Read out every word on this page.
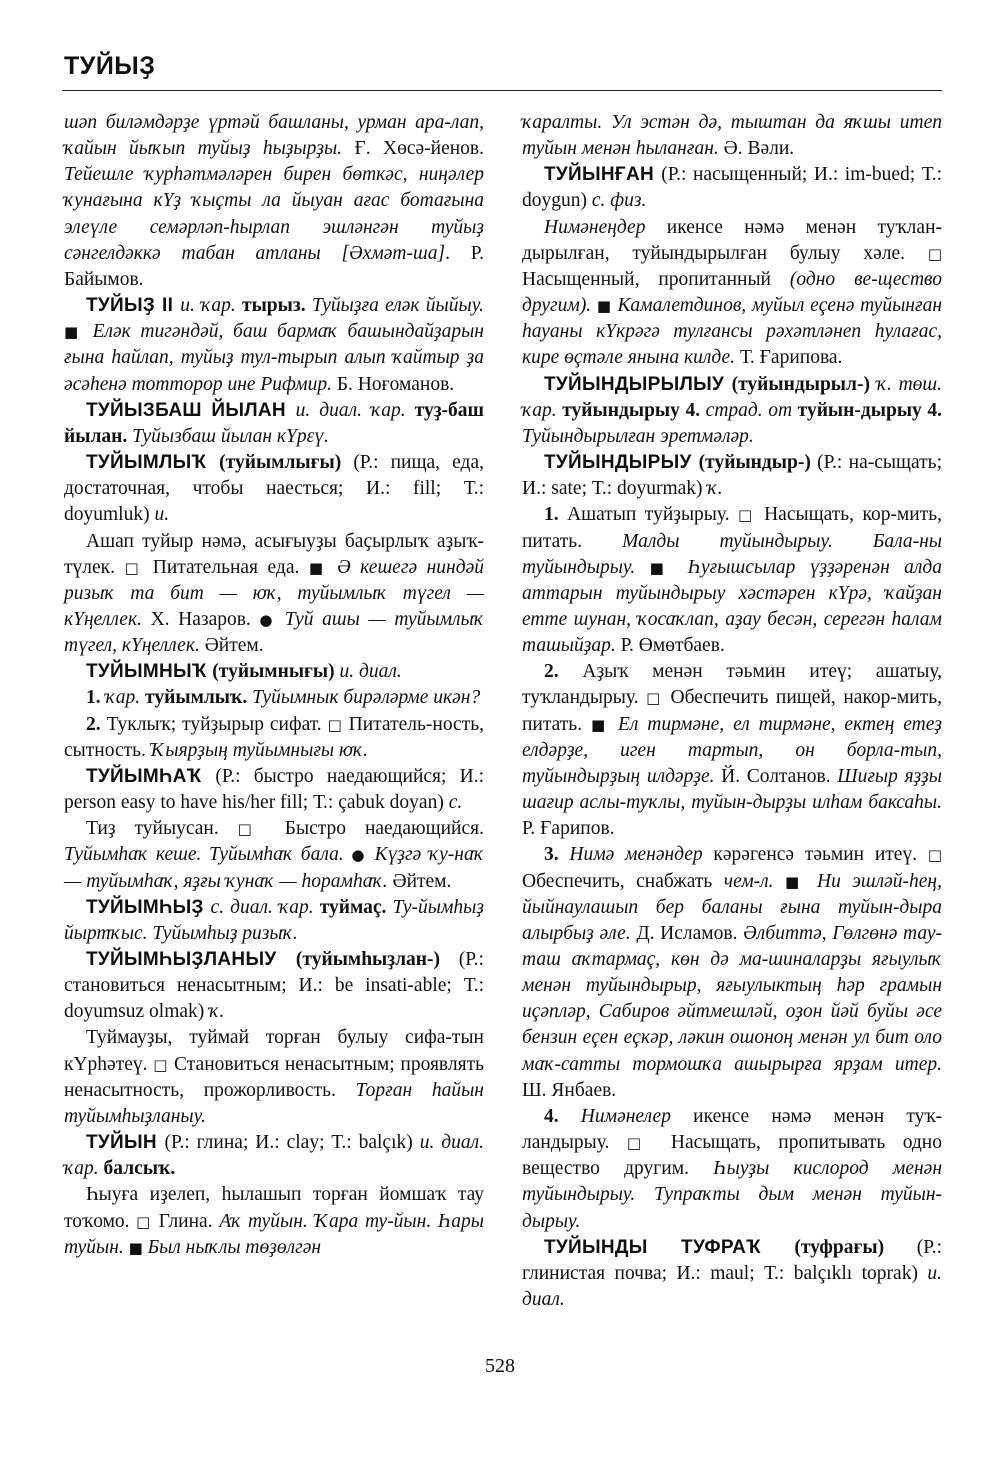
ТУЙЫҘ

шəп биләмдəрҙе үртəй башланы, урман ара-лап, ҡайын йыҡып туйыҙ һыҙырҙы. Ғ. Хөсә-йенов. Тейешле ҡурһəтмəлəрен бирен бөткəс, ниңəлер ҡунағына кҮҙ ҡыҫты ла йыуан ағас ботағына элеүле семəрлəп-һырлап эшлəнгəн туйыҙ сəнгелдəккə табан атланы [Əхмəт-ша]. Р. Байымов.

ТУЙЫҘ II и. ҡар. тырыз. Туйыҙға елəк йыйыу. ■ Елəк тигəндəй, баш бармаҡ башындайҙарын ғына һайлап, туйыҙ тул-тырып алып ҡайтыр ҙа əсəһенə тотторор ине Рифмир. Б. Ноғоманов.

ТУЙЫЗБАШ ЙЫЛАН и. диал. ҡар. туҙ-баш йылан. Туйызбаш йылан кҮрεү.

ТУЙЫМЛЫҠ (туйымлығы) (Р.: пища, еда, достаточная, чтобы наесться; И.: fill; Т.: doyumluk) и.

Ашап туйыр нəмə, асығыуҙы баҫырлыҡ аҙыҡ-түлек. □ Питательная еда. ■ Ə кешегə ниндəй ризыҡ та бит — юҡ, туйымлыҡ түгел — кҮңеллек. Х. Назаров. ● Туй ашы — туйымлыҡ түгел, кҮңеллек. Əйтем.

ТУЙЫМНЫҠ (туйымнығы) и. диал.

1. ҡар. туйымлыҡ. Туйымнык бирəлəрме икəн?

2. Туклыҡ; туйҙырыр сифат. □ Питатель-ность, сытность. Ҡыярҙың туйымнығы юҡ.

ТУЙЫМҺАҠ (Р.: быстро наедающийся; И.: person easy to have his/her fill; Т.: çabuk doyan) с.

Тиҙ туйыусан. □ Быстро наедающийся. Туйымһаҡ кеше. Туйымһаҡ бала. ● Күҙгə ҡу-наҡ — туйымһаҡ, яҙғы ҡунаҡ — һорамһаҡ. Əйтем.

ТУЙЫМҺЫҘ с. диал. ҡар. туймаç. Ту-йымһыҙ йыртҡыс. Туйымһыҙ ризыҡ.

ТУЙЫМҺЫҘЛАНЫУ (туйымһыҙлан-) (Р.: становиться ненасытным; И.: be insati-able; Т.: doyumsuz olmak) ҡ.

Туймауҙы, туймай торған булыу сифа-тын кҮрһəтеү. □ Становиться ненасытным; проявлять ненасытность, прожорливость. Торған һайын туйымһыҙланыу.

ТУЙЫН (Р.: глина; И.: clay; Т.: balçık) и. диал. ҡар. балсыҡ.

Һыуға иҙелеп, һылашып торған йомшаҡ тау тоҡомо. □ Глина. Аҡ туйын. Ҡара ту-йын. Һары туйын. ■ Был ныҡлы төҙөлгəн

ҡаралты. Ул эстəн дə, тыштан да яҡшы итеп туйын менəн һыланған. Ə. Вəли.

ТУЙЫНҒАН (Р.: насыщенный; И.: im-bued; Т.: doygun) с. физ.

Нимəнеңдер икенсе нəмə менəн туҡлан-дырылған, туйындырылған булыу хəле. □ Насыщенный, пропитанный (одно ве-щество другим). ■ Камалетдинов, муйыл еçенə туйынған һауаны кҮкрəгə тулғансы рəхəтлəнеп һулағас, кире өçтəле янына килде. Т. Ғарипова.

ТУЙЫНДЫРЫЛЫУ (туйындырыл-) ҡ. төш. ҡар. туйындырыу 4. страд. от туйын-дырыу 4. Туйындырылған эретмəлəр.

ТУЙЫНДЫРЫУ (туйындыр-) (Р.: на-сыщать; И.: sate; Т.: doyurmak) ҡ.

1. Ашатып туйҙырыу. □ Насыщать, кор-мить, питать. Малды туйындырыу. Бала-ны туйындырыу. ■ Һуғышсылар үҙҙəренəн алда аттарын туйындырыу хəстəрен кҮрə, ҡайҙан етте шунан, ҡосаҡлап, аҙау бесəн, серегəн һалам ташыйҙар. Р. Өмөтбаев.

2. Аҙыҡ менəн тəьмин итеү; ашатыу, туҡландырыу. □ Обеспечить пищей, накор-мить, питать. ■ Ел тирмəне, ел тирмəне, ектең етеҙ елдəрҙе, иген тартып, он борла-тып, туйындырҙың илдəрҙе. Й. Солтанов. Шиғыр яҙҙы шағир аслы-туҡлы, туйын-дырҙы илһам баксаһы. Р. Ғарипов.

3. Нимə менəндер кəрəгенсə тəьмин итеү. □ Обеспечить, снабжать чем-л. ■ Ни эшлəй-һең, йыйнаулашып бер баланы ғына туйын-дыра алырбыҙ əле. Д. Исламов. Əлбиттə, Гөлгөнə тау-таш аҡтармаç, көн дə ма-шиналарҙы яғыулыҡ менəн туйындырыр, яғыулыктың һəр грамын иçəплəр, Сабиров əйтмешлəй, оҙон йəй буйы əсе бензин еçен еçкəр, лəкин ошоноң менəн ул бит оло маҡ-сатты тормошҡа ашырырға ярҙам итер. Ш. Янбаев.

4. Нимəнелер икенсе нəмə менəн туҡ-ландырыу. □ Насыщать, пропитывать одно вещество другим. Һыуҙы кислород менəн туйындырыу. Тупраҡты дым менəн туйын-дырыу.

ТУЙЫНДЫ ТУФРАҠ (туфрағы) (Р.: глинистая почва; И.: maul; Т.: balçıklı toprak) и. диал.

528
